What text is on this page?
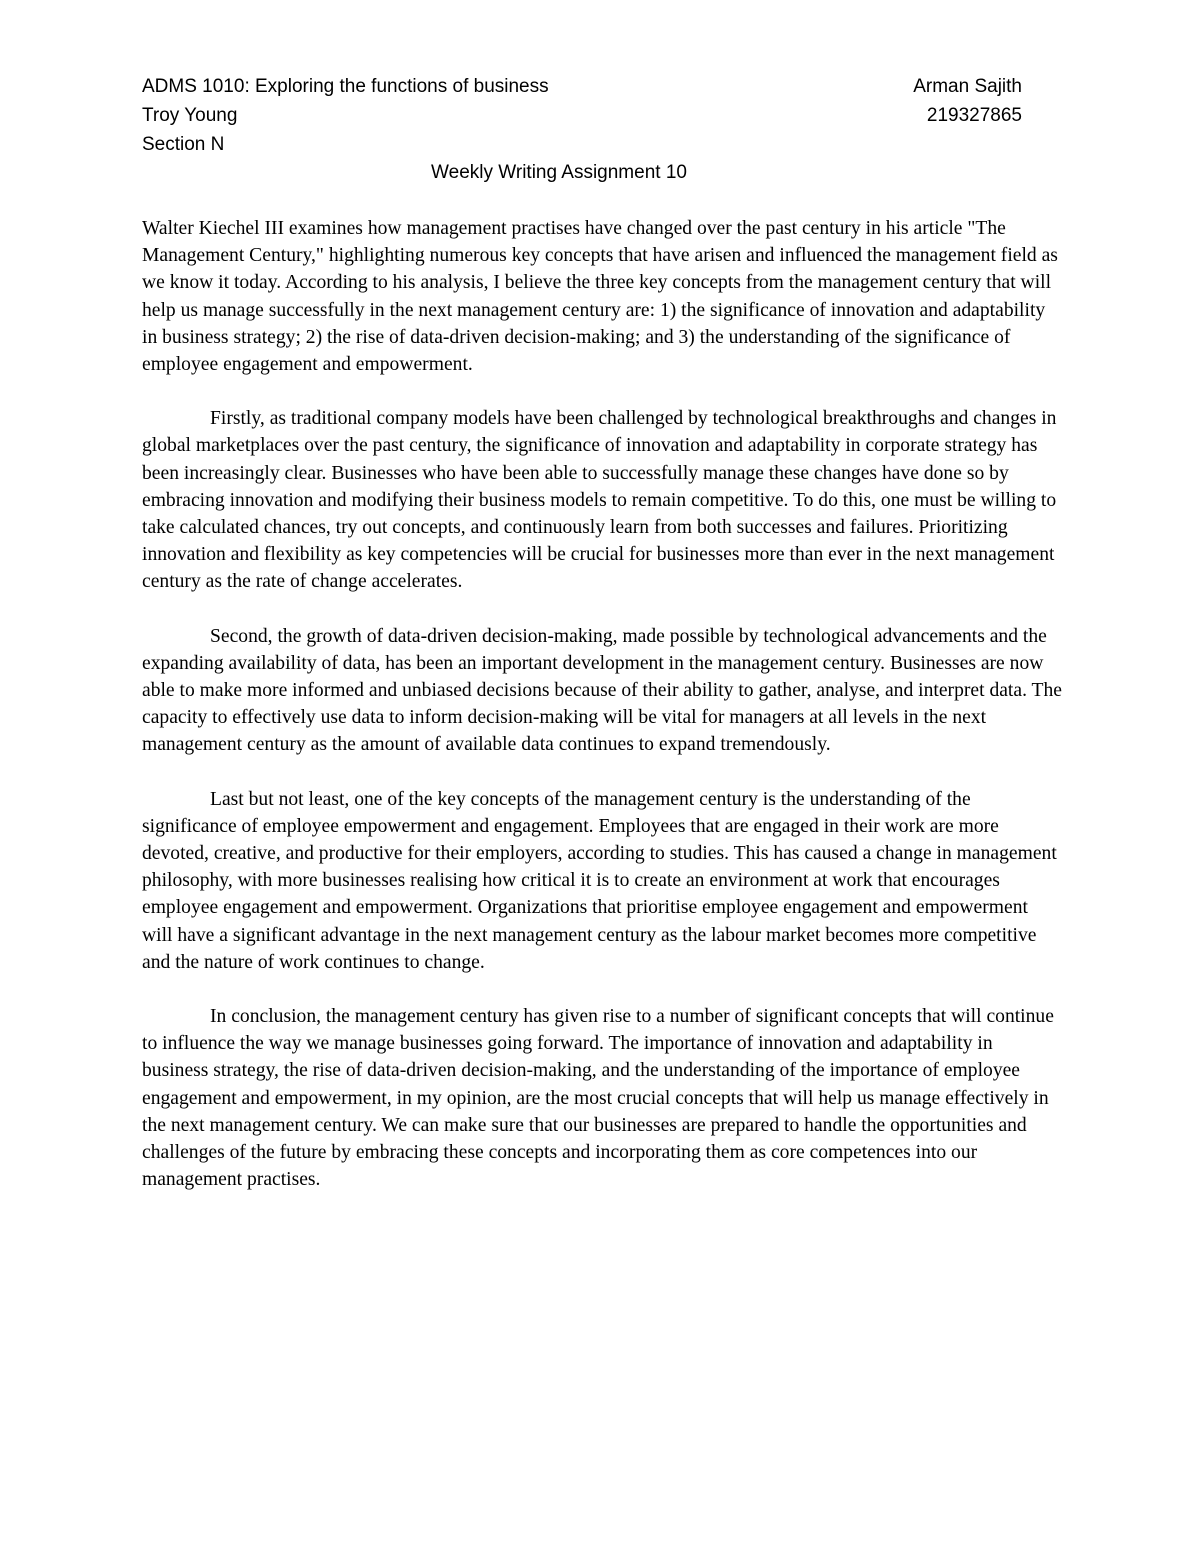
ADMS 1010: Exploring the functions of business	Arman Sajith
Troy Young	219327865
Section N
Weekly Writing Assignment 10

Walter Kiechel III examines how management practises have changed over the past century in his article "The Management Century," highlighting numerous key concepts that have arisen and influenced the management field as we know it today. According to his analysis, I believe the three key concepts from the management century that will help us manage successfully in the next management century are: 1) the significance of innovation and adaptability in business strategy; 2) the rise of data-driven decision-making; and 3) the understanding of the significance of employee engagement and empowerment.

Firstly, as traditional company models have been challenged by technological breakthroughs and changes in global marketplaces over the past century, the significance of innovation and adaptability in corporate strategy has been increasingly clear. Businesses who have been able to successfully manage these changes have done so by embracing innovation and modifying their business models to remain competitive. To do this, one must be willing to take calculated chances, try out concepts, and continuously learn from both successes and failures. Prioritizing innovation and flexibility as key competencies will be crucial for businesses more than ever in the next management century as the rate of change accelerates.

Second, the growth of data-driven decision-making, made possible by technological advancements and the expanding availability of data, has been an important development in the management century. Businesses are now able to make more informed and unbiased decisions because of their ability to gather, analyse, and interpret data. The capacity to effectively use data to inform decision-making will be vital for managers at all levels in the next management century as the amount of available data continues to expand tremendously.

Last but not least, one of the key concepts of the management century is the understanding of the significance of employee empowerment and engagement. Employees that are engaged in their work are more devoted, creative, and productive for their employers, according to studies. This has caused a change in management philosophy, with more businesses realising how critical it is to create an environment at work that encourages employee engagement and empowerment. Organizations that prioritise employee engagement and empowerment will have a significant advantage in the next management century as the labour market becomes more competitive and the nature of work continues to change.

In conclusion, the management century has given rise to a number of significant concepts that will continue to influence the way we manage businesses going forward. The importance of innovation and adaptability in business strategy, the rise of data-driven decision-making, and the understanding of the importance of employee engagement and empowerment, in my opinion, are the most crucial concepts that will help us manage effectively in the next management century. We can make sure that our businesses are prepared to handle the opportunities and challenges of the future by embracing these concepts and incorporating them as core competences into our management practises.
